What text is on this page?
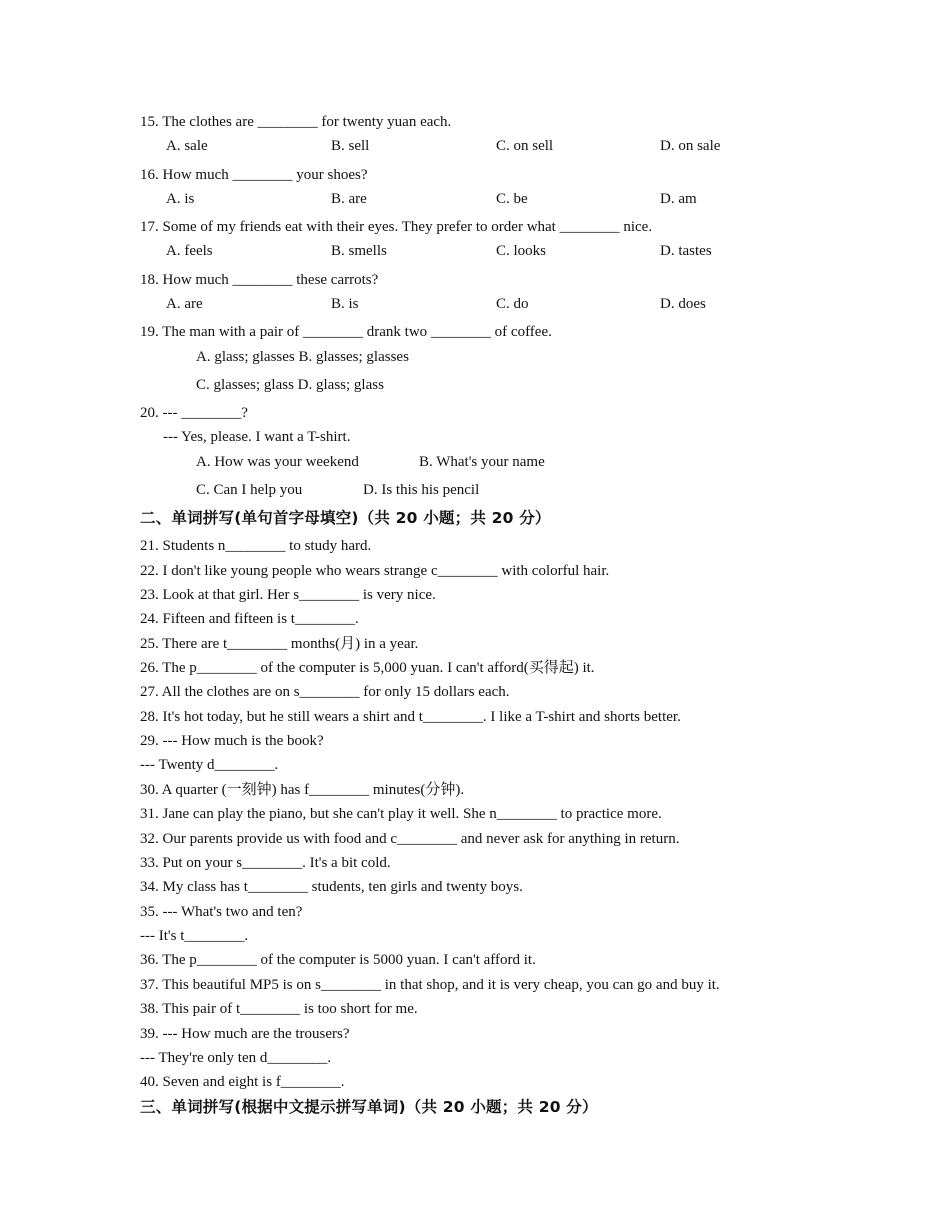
15. The clothes are ________ for twenty yuan each.
A. sale	B. sell	C. on sell	D. on sale
16. How much ________ your shoes?
A. is	B. are	C. be	D. am
17. Some of my friends eat with their eyes. They prefer to order what ________ nice.
A. feels	B. smells	C. looks	D. tastes
18. How much ________ these carrots?
A. are	B. is	C. do	D. does
19. The man with a pair of ________ drank two ________ of coffee.
A. glass; glasses B. glasses; glasses
C. glasses; glass D. glass; glass
20. --- ________?
--- Yes, please. I want a T-shirt.
A. How was your weekend	B. What's your name
C. Can I help you	D. Is this his pencil
二、单词拼写(单句首字母填空)（共 20 小题；共 20 分）
21. Students n________ to study hard.
22. I don't like young people who wears strange c________ with colorful hair.
23. Look at that girl. Her s________ is very nice.
24. Fifteen and fifteen is t________.
25. There are t________ months(月) in a year.
26. The p________ of the computer is 5,000 yuan. I can't afford(买得起) it.
27. All the clothes are on s________ for only 15 dollars each.
28. It's hot today, but he still wears a shirt and t________. I like a T-shirt and shorts better.
29. --- How much is the book?
--- Twenty d________.
30. A quarter (一刻钟) has f________ minutes(分钟).
31. Jane can play the piano, but she can't play it well. She n________ to practice more.
32. Our parents provide us with food and c________ and never ask for anything in return.
33. Put on your s________. It's a bit cold.
34. My class has t________ students, ten girls and twenty boys.
35. --- What's two and ten?
--- It's t________.
36. The p________ of the computer is 5000 yuan. I can't afford it.
37. This beautiful MP5 is on s________ in that shop, and it is very cheap, you can go and buy it.
38. This pair of t________ is too short for me.
39. --- How much are the trousers?
--- They're only ten d________.
40. Seven and eight is f________.
三、单词拼写(根据中文提示拼写单词)（共 20 小题；共 20 分）
